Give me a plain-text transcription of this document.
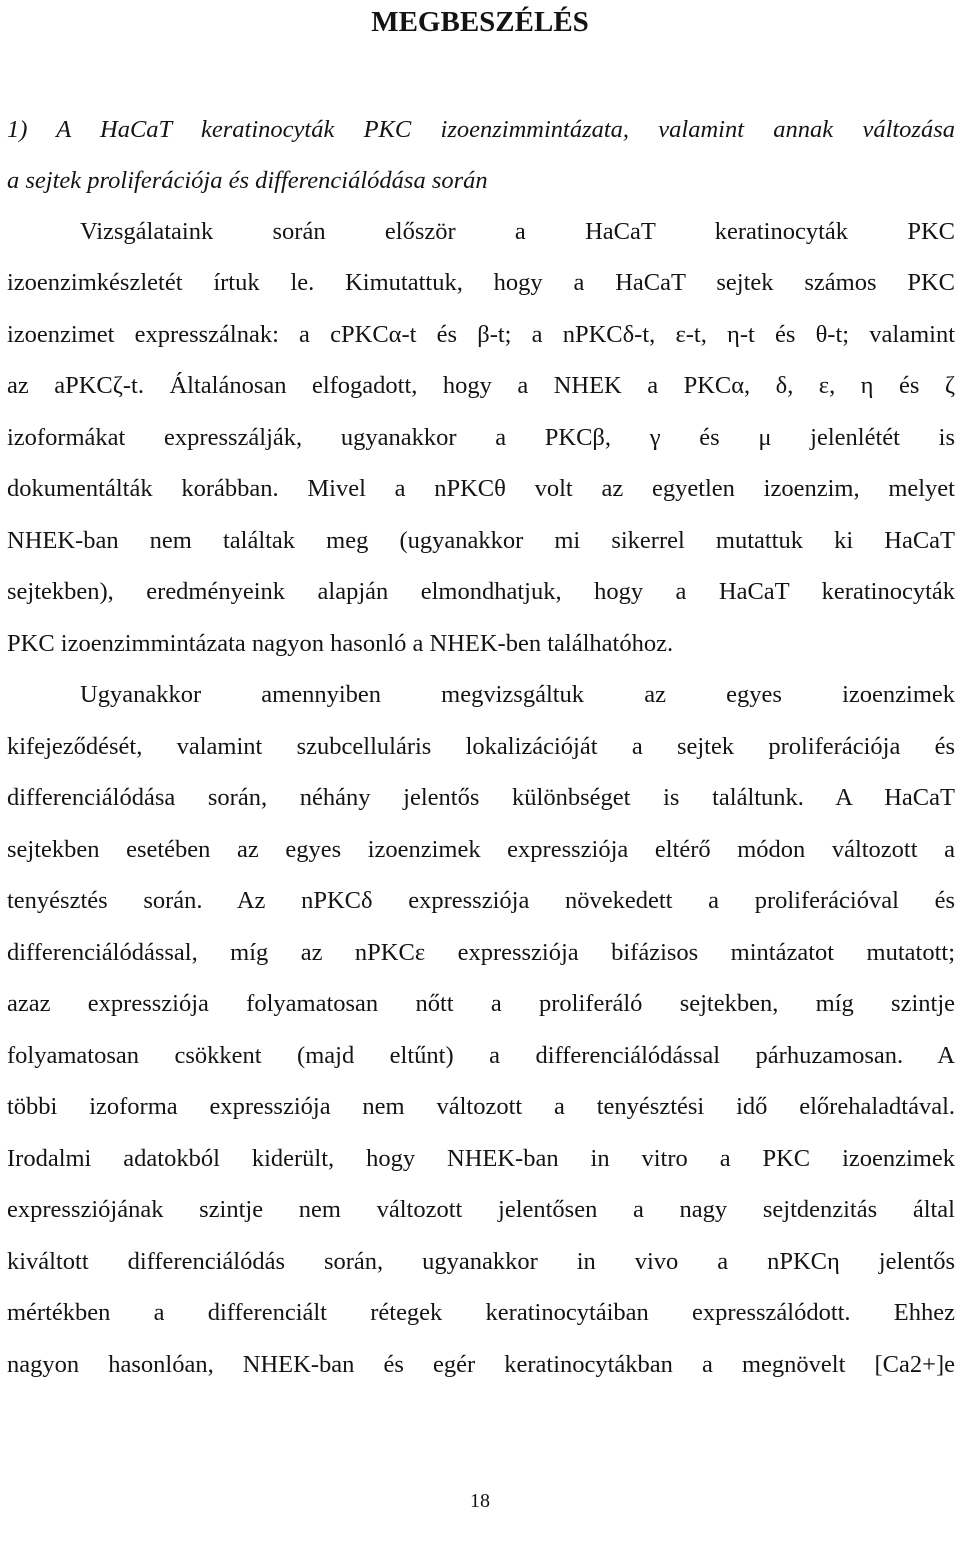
MEGBESZÉLÉS
1) A HaCaT keratinocyták PKC izoenzimmintázata, valamint annak változása
a sejtek proliferációja és differenciálódása során
Vizsgálataink során először a HaCaT keratinocyták PKC
izoenzimkészletét írtuk le. Kimutattuk, hogy a HaCaT sejtek számos PKC
izoenzimet expresszálnak: a cPKCα-t és β-t; a nPKCδ-t, ε-t, η-t és θ-t; valamint
az aPKCζ-t. Általánosan elfogadott, hogy a NHEK a PKCα, δ, ε, η és ζ
izoformákat expresszálják, ugyanakkor a PKCβ, γ és μ jelenlétét is
dokumentálták korábban. Mivel a nPKCθ volt az egyetlen izoenzim, melyet
NHEK-ban nem találtak meg (ugyanakkor mi sikerrel mutattuk ki HaCaT
sejtekben), eredményeink alapján elmondhatjuk, hogy a HaCaT keratinocyták
PKC izoenzimmintázata nagyon hasonló a NHEK-ben találhatóhoz.
Ugyanakkor amennyiben megvizsgáltuk az egyes izoenzimek
kifejeződését, valamint szubcelluláris lokalizációját a sejtek proliferációja és
differenciálódása során, néhány jelentős különbséget is találtunk. A HaCaT
sejtekben esetében az egyes izoenzimek expressziója eltérő módon változott a
tenyésztés során. Az nPKCδ expressziója növekedett a proliferációval és
differenciálódással, míg az nPKCε expressziója bifázisos mintázatot mutatott;
azaz expressziója folyamatosan nőtt a proliferáló sejtekben, míg szintje
folyamatosan csökkent (majd eltűnt) a differenciálódással párhuzamosan. A
többi izoforma expressziója nem változott a tenyésztési idő előrehaladtával.
Irodalmi adatokból kiderült, hogy NHEK-ban in vitro a PKC izoenzimek
expressziójának szintje nem változott jelentősen a nagy sejtdenzitás által
kiváltott differenciálódás során, ugyanakkor in vivo a nPKCη jelentős
mértékben a differenciált rétegek keratinocytáiban expresszálódott. Ehhez
nagyon hasonlóan, NHEK-ban és egér keratinocytákban a megnövelt [Ca2+]e
18
